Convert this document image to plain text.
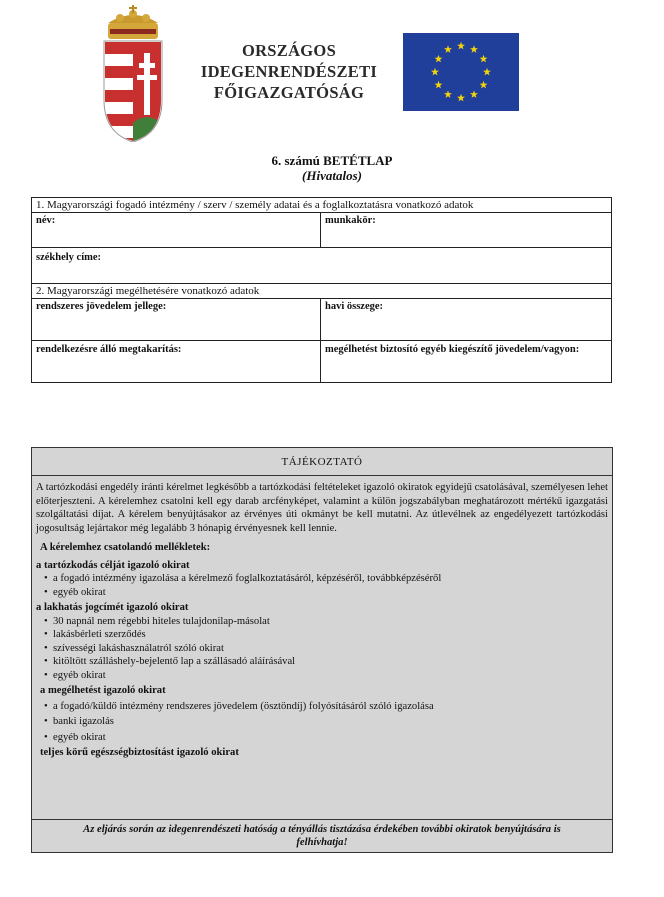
ORSZÁGOS
IDEGENRENDÉSZETI
FŐIGAZGATÓSÁG
6. számú BETÉTLAP
(Hivatalos)
1. Magyarországi fogadó intézmény / szerv / személy adatai és a foglalkoztatásra vonatkozó adatok
név:	munkakör:
székhely címe:
2. Magyarországi megélhetésére vonatkozó adatok
rendszeres jövedelem jellege:	havi összege:
rendelkezésre álló megtakarítás:	megélhetést biztosító egyéb kiegészítő jövedelem/vagyon:
TÁJÉKOZTATÓ

A tartózkodási engedély iránti kérelmet legkésőbb a tartózkodási feltételeket igazoló okiratok egyidejű csatolásával, személyesen lehet előterjeszteni. A kérelemhez csatolni kell egy darab arcfényképet, valamint a külön jogszabályban meghatározott mértékű igazgatási szolgáltatási díjat. A kérelem benyújtásakor az érvényes úti okmányt be kell mutatni. Az útlevélnek az engedélyezett tartózkodási jogosultság lejártakor még legalább 3 hónapig érvényesnek kell lennie.

A kérelemhez csatolandó mellékletek:
a tartózkodás célját igazoló okirat
• a fogadó intézmény igazolása a kérelmező foglalkoztatásáról, képzéséről, továbbképzéséről
• egyéb okirat
a lakhatás jogcímét igazoló okirat
• 30 napnál nem régebbi hiteles tulajdonilap-másolat
• lakásbérleti szerződés
• szívességi lakáshasználatról szóló okirat
• kitöltött szálláshely-bejelentő lap a szállásadó aláírásával
• egyéb okirat
a megélhetést igazoló okirat
• a fogadó/küldő intézmény rendszeres jövedelem (ösztöndíj) folyósításáról szóló igazolása
• banki igazolás
• egyéb okirat
teljes körű egészségbiztosítást igazoló okirat
Az eljárás során az idegenrendészeti hatóság a tényállás tisztázása érdekében további okiratok benyújtására is felhívhatja!
